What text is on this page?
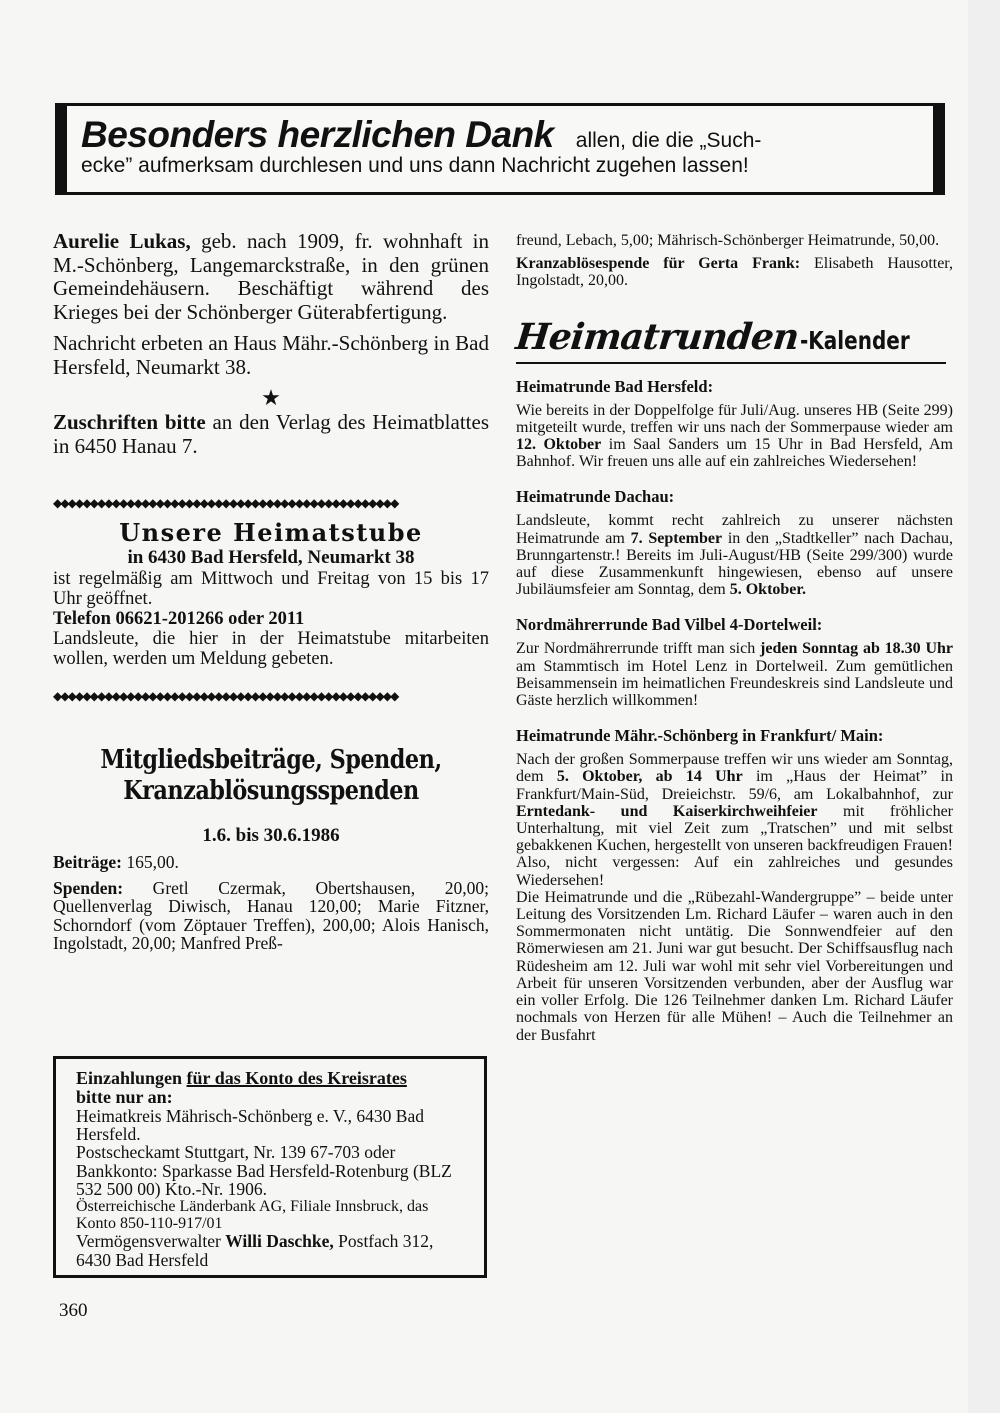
Besonders herzlichen Dank allen, die die „Such-
ecke” aufmerksam durchlesen und uns dann Nachricht zugehen lassen!

Aurelie Lukas, geb. nach 1909, fr. wohnhaft in M.-Schönberg, Langemarckstraße, in den grünen Gemeindehäusern. Beschäftigt während des Krieges bei der Schönberger Güterabfertigung.

Nachricht erbeten an Haus Mähr.-Schönberg in Bad Hersfeld, Neumarkt 38.

★

Zuschriften bitte an den Verlag des Heimatblattes in 6450 Hanau 7.

◆◆◆◆◆◆◆◆◆◆◆◆◆◆◆◆◆◆◆◆◆◆◆◆◆◆◆◆◆◆◆◆◆◆◆◆◆◆◆◆◆◆◆◆◆◆◆
Unsere Heimatstube
in 6430 Bad Hersfeld, Neumarkt 38

ist regelmäßig am Mittwoch und Freitag von 15 bis 17 Uhr geöffnet.

Telefon 06621-201266 oder 2011

Landsleute, die hier in der Heimatstube mitarbeiten wollen, werden um Meldung gebeten.

◆◆◆◆◆◆◆◆◆◆◆◆◆◆◆◆◆◆◆◆◆◆◆◆◆◆◆◆◆◆◆◆◆◆◆◆◆◆◆◆◆◆◆◆◆◆◆
Mitgliedsbeiträge, Spenden,
Kranzablösungsspenden
1.6. bis 30.6.1986

Beiträge: 165,00.

Spenden: Gretl Czermak, Obertshausen, 20,00; Quellenverlag Diwisch, Hanau 120,00; Marie Fitzner, Schorndorf (vom Zöptauer Treffen), 200,00; Alois Hanisch, Ingolstadt, 20,00; Manfred Preß-

Einzahlungen für das Konto des Kreisrates
bitte nur an:
Heimatkreis Mährisch-Schönberg e. V., 6430 Bad Hersfeld.
Postscheckamt Stuttgart, Nr. 139 67-703 oder Bankkonto: Sparkasse Bad Hersfeld-Rotenburg (BLZ 532 500 00) Kto.-Nr. 1906.
Österreichische Länderbank AG, Filiale Innsbruck, das Konto 850-110-917/01
Vermögensverwalter Willi Daschke, Postfach 312, 6430 Bad Hersfeld
360

freund, Lebach, 5,00; Mährisch-Schönberger Heimatrunde, 50,00.

Kranzablösespende für Gerta Frank: Elisabeth Hausotter, Ingolstadt, 20,00.

Heimatrunden -Kalender
Heimatrunde Bad Hersfeld:

Wie bereits in der Doppelfolge für Juli/Aug. unseres HB (Seite 299) mitgeteilt wurde, treffen wir uns nach der Sommerpause wieder am 12. Oktober im Saal Sanders um 15 Uhr in Bad Hersfeld, Am Bahnhof. Wir freuen uns alle auf ein zahlreiches Wiedersehen!

Heimatrunde Dachau:

Landsleute, kommt recht zahlreich zu unserer nächsten Heimatrunde am 7. September in den „Stadtkeller” nach Dachau, Brunngartenstr.! Bereits im Juli-August/HB (Seite 299/300) wurde auf diese Zusammenkunft hingewiesen, ebenso auf unsere Jubiläumsfeier am Sonntag, dem 5. Oktober.

Nordmährerrunde Bad Vilbel 4-Dortelweil:

Zur Nordmährerrunde trifft man sich jeden Sonntag ab 18.30 Uhr am Stammtisch im Hotel Lenz in Dortelweil. Zum gemütlichen Beisammensein im heimatlichen Freundeskreis sind Landsleute und Gäste herzlich willkommen!

Heimatrunde Mähr.-Schönberg in Frankfurt/ Main:

Nach der großen Sommerpause treffen wir uns wieder am Sonntag, dem 5. Oktober, ab 14 Uhr im „Haus der Heimat” in Frankfurt/Main-Süd, Dreieichstr. 59/6, am Lokalbahnhof, zur Erntedank- und Kaiserkirchweihfeier mit fröhlicher Unterhaltung, mit viel Zeit zum „Tratschen” und mit selbst gebakkenen Kuchen, hergestellt von unseren backfreudigen Frauen! Also, nicht vergessen: Auf ein zahlreiches und gesundes Wiedersehen!

Die Heimatrunde und die „Rübezahl-Wandergruppe” – beide unter Leitung des Vorsitzenden Lm. Richard Läufer – waren auch in den Sommermonaten nicht untätig. Die Sonnwendfeier auf den Römerwiesen am 21. Juni war gut besucht. Der Schiffsausflug nach Rüdesheim am 12. Juli war wohl mit sehr viel Vorbereitungen und Arbeit für unseren Vorsitzenden verbunden, aber der Ausflug war ein voller Erfolg. Die 126 Teilnehmer danken Lm. Richard Läufer nochmals von Herzen für alle Mühen! – Auch die Teilnehmer an der Busfahrt
